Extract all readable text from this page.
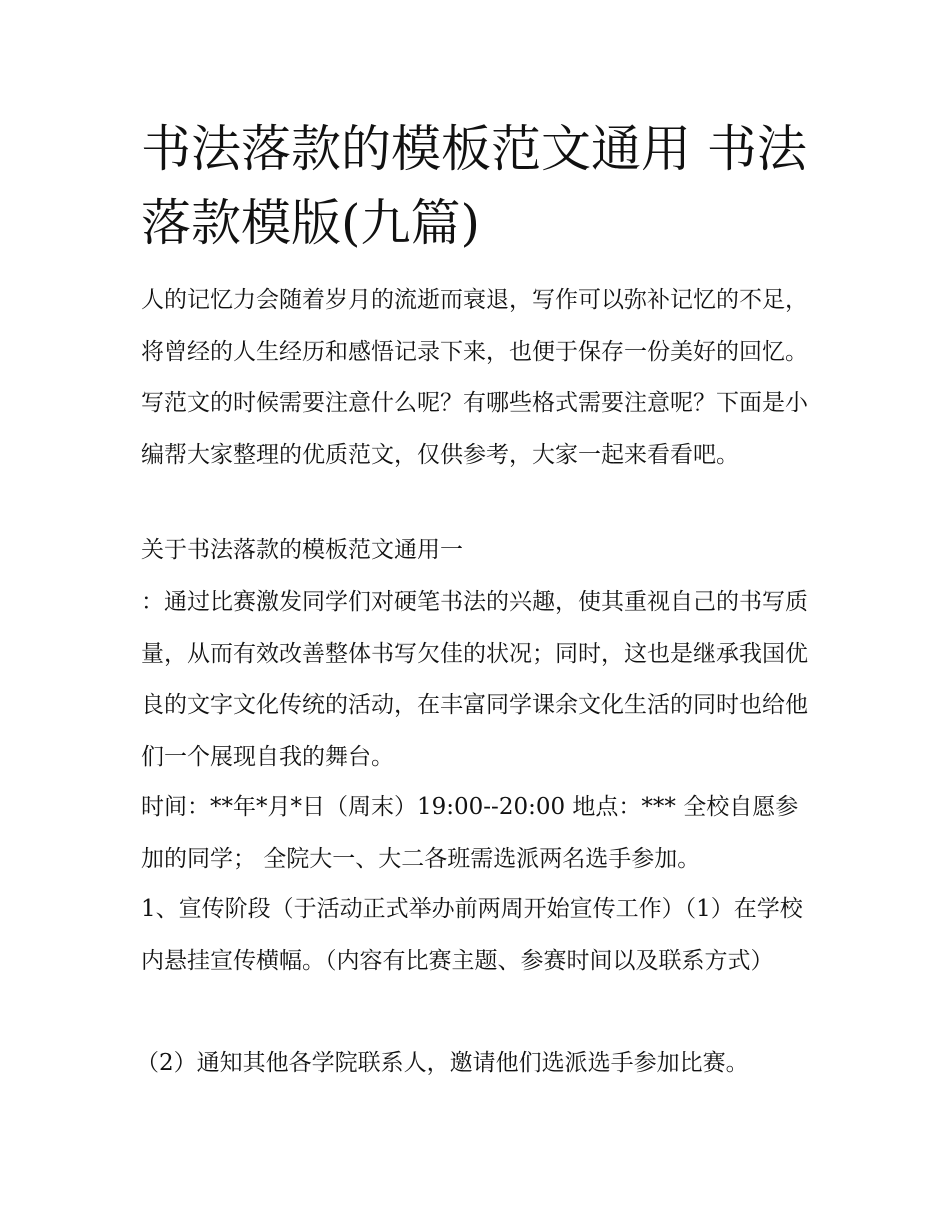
书法落款的模板范文通用 书法落款模版(九篇)

人的记忆力会随着岁月的流逝而衰退，写作可以弥补记忆的不足，将曾经的人生经历和感悟记录下来，也便于保存一份美好的回忆。写范文的时候需要注意什么呢？有哪些格式需要注意呢？下面是小编帮大家整理的优质范文，仅供参考，大家一起来看看吧。

关于书法落款的模板范文通用一

：通过比赛激发同学们对硬笔书法的兴趣，使其重视自己的书写质量，从而有效改善整体书写欠佳的状况；同时，这也是继承我国优良的文字文化传统的活动，在丰富同学课余文化生活的同时也给他们一个展现自我的舞台。

时间：**年*月*日（周末）19:00--20:00 地点：*** 全校自愿参加的同学； 全院大一、大二各班需选派两名选手参加。

1、宣传阶段（于活动正式举办前两周开始宣传工作）（1）在学校内悬挂宣传横幅。（内容有比赛主题、参赛时间以及联系方式）

（2）通知其他各学院联系人，邀请他们选派选手参加比赛。
